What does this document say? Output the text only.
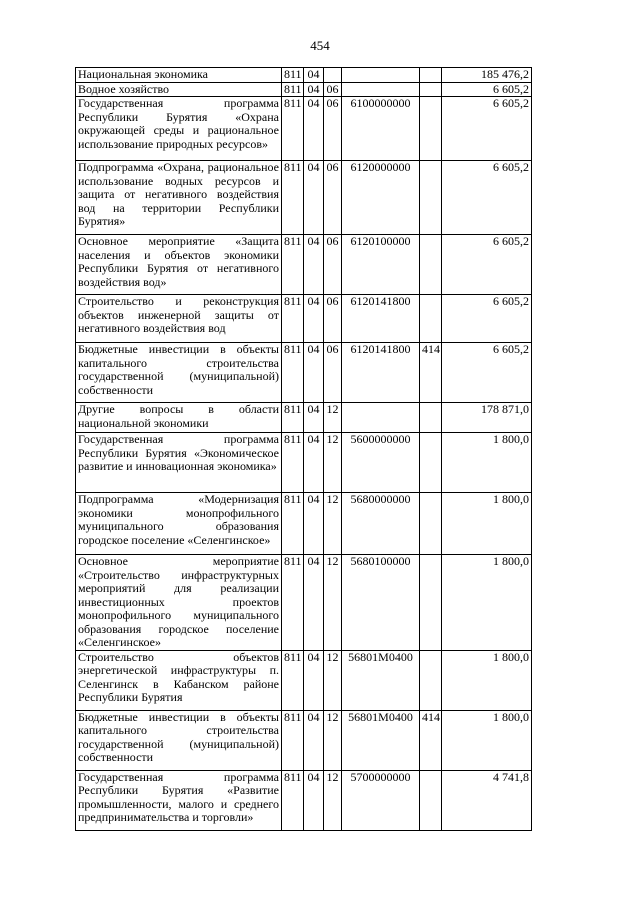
454
Национальная экономика	811	04				185 476,2
Водное хозяйство	811	04	06			6 605,2
Государственная программа Республики Бурятия «Охрана окружающей среды и рациональное использование природных ресурсов»	811	04	06	6100000000		6 605,2
Подпрограмма «Охрана, рациональное использование водных ресурсов и защита от негативного воздействия вод на территории Республики Бурятия»	811	04	06	6120000000		6 605,2
Основное мероприятие «Защита населения и объектов экономики Республики Бурятия от негативного воздействия вод»	811	04	06	6120100000		6 605,2
Строительство и реконструкция объектов инженерной защиты от негативного воздействия вод	811	04	06	6120141800		6 605,2
Бюджетные инвестиции в объекты капитального строительства государственной (муниципальной) собственности	811	04	06	6120141800	414	6 605,2
Другие вопросы в области национальной экономики	811	04	12			178 871,0
Государственная программа Республики Бурятия «Экономическое развитие и инновационная экономика»	811	04	12	5600000000		1 800,0
Подпрограмма «Модернизация экономики монопрофильного муниципального образования городское поселение «Селенгинское»	811	04	12	5680000000		1 800,0
Основное мероприятие «Строительство инфраструктурных мероприятий для реализации инвестиционных проектов монопрофильного муниципального образования городское поселение «Селенгинское»	811	04	12	5680100000		1 800,0
Строительство объектов энергетической инфраструктуры п. Селенгинск в Кабанском районе Республики Бурятия	811	04	12	56801M0400		1 800,0
Бюджетные инвестиции в объекты капитального строительства государственной (муниципальной) собственности	811	04	12	56801M0400	414	1 800,0
Государственная программа Республики Бурятия «Развитие промышленности, малого и среднего предпринимательства и торговли»	811	04	12	5700000000		4 741,8
